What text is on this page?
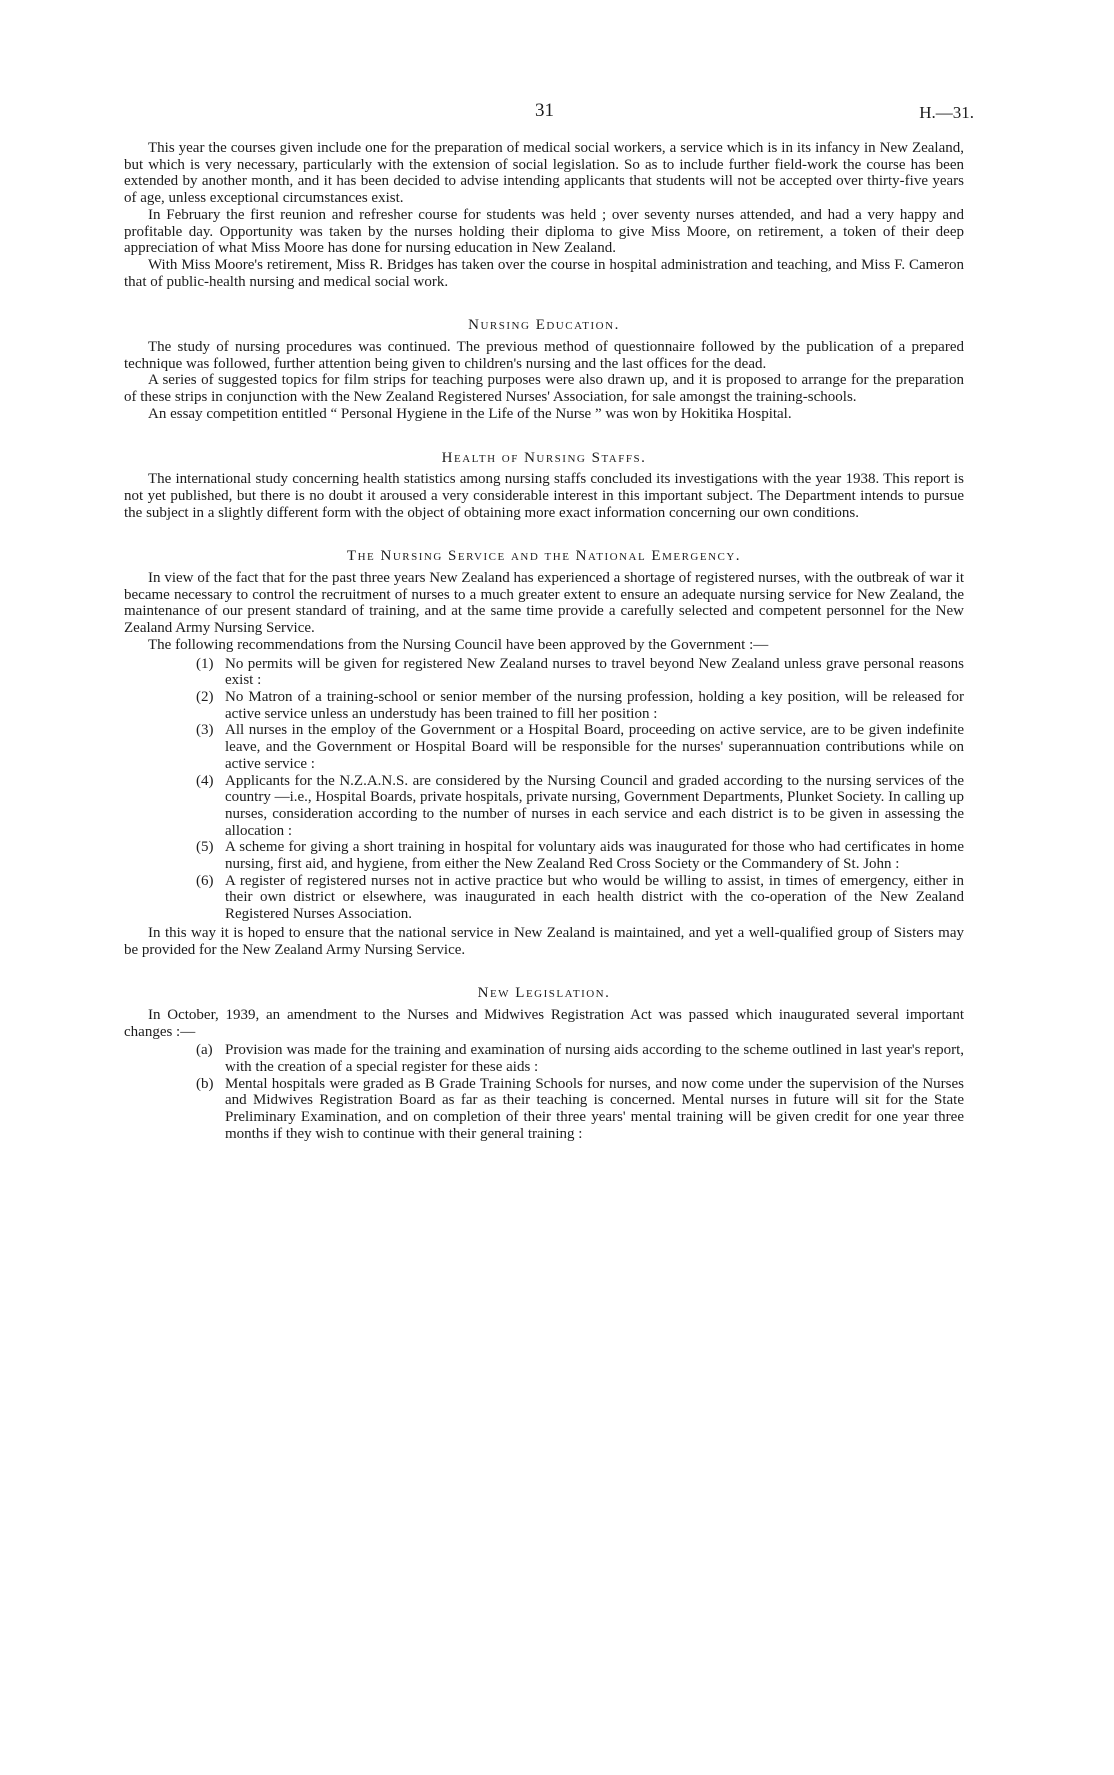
31	H.—31.

This year the courses given include one for the preparation of medical social workers, a service which is in its infancy in New Zealand, but which is very necessary, particularly with the extension of social legislation. So as to include further field-work the course has been extended by another month, and it has been decided to advise intending applicants that students will not be accepted over thirty-five years of age, unless exceptional circumstances exist.

In February the first reunion and refresher course for students was held ; over seventy nurses attended, and had a very happy and profitable day. Opportunity was taken by the nurses holding their diploma to give Miss Moore, on retirement, a token of their deep appreciation of what Miss Moore has done for nursing education in New Zealand.

With Miss Moore's retirement, Miss R. Bridges has taken over the course in hospital administration and teaching, and Miss F. Cameron that of public-health nursing and medical social work.

Nursing Education.

The study of nursing procedures was continued. The previous method of questionnaire followed by the publication of a prepared technique was followed, further attention being given to children's nursing and the last offices for the dead.

A series of suggested topics for film strips for teaching purposes were also drawn up, and it is proposed to arrange for the preparation of these strips in conjunction with the New Zealand Registered Nurses' Association, for sale amongst the training-schools.

An essay competition entitled “ Personal Hygiene in the Life of the Nurse ” was won by Hokitika Hospital.

Health of Nursing Staffs.

The international study concerning health statistics among nursing staffs concluded its investigations with the year 1938. This report is not yet published, but there is no doubt it aroused a very considerable interest in this important subject. The Department intends to pursue the subject in a slightly different form with the object of obtaining more exact information concerning our own conditions.

The Nursing Service and the National Emergency.

In view of the fact that for the past three years New Zealand has experienced a shortage of registered nurses, with the outbreak of war it became necessary to control the recruitment of nurses to a much greater extent to ensure an adequate nursing service for New Zealand, the maintenance of our present standard of training, and at the same time provide a carefully selected and competent personnel for the New Zealand Army Nursing Service.

The following recommendations from the Nursing Council have been approved by the Government :—

(1) No permits will be given for registered New Zealand nurses to travel beyond New Zealand unless grave personal reasons exist :
(2) No Matron of a training-school or senior member of the nursing profession, holding a key position, will be released for active service unless an understudy has been trained to fill her position :
(3) All nurses in the employ of the Government or a Hospital Board, proceeding on active service, are to be given indefinite leave, and the Government or Hospital Board will be responsible for the nurses' superannuation contributions while on active service :
(4) Applicants for the N.Z.A.N.S. are considered by the Nursing Council and graded according to the nursing services of the country —i.e., Hospital Boards, private hospitals, private nursing, Government Departments, Plunket Society. In calling up nurses, consideration according to the number of nurses in each service and each district is to be given in assessing the allocation :
(5) A scheme for giving a short training in hospital for voluntary aids was inaugurated for those who had certificates in home nursing, first aid, and hygiene, from either the New Zealand Red Cross Society or the Commandery of St. John :
(6) A register of registered nurses not in active practice but who would be willing to assist, in times of emergency, either in their own district or elsewhere, was inaugurated in each health district with the co-operation of the New Zealand Registered Nurses Association.

In this way it is hoped to ensure that the national service in New Zealand is maintained, and yet a well-qualified group of Sisters may be provided for the New Zealand Army Nursing Service.

New Legislation.

In October, 1939, an amendment to the Nurses and Midwives Registration Act was passed which inaugurated several important changes :—

(a) Provision was made for the training and examination of nursing aids according to the scheme outlined in last year's report, with the creation of a special register for these aids :
(b) Mental hospitals were graded as B Grade Training Schools for nurses, and now come under the supervision of the Nurses and Midwives Registration Board as far as their teaching is concerned. Mental nurses in future will sit for the State Preliminary Examination, and on completion of their three years' mental training will be given credit for one year three months if they wish to continue with their general training :
